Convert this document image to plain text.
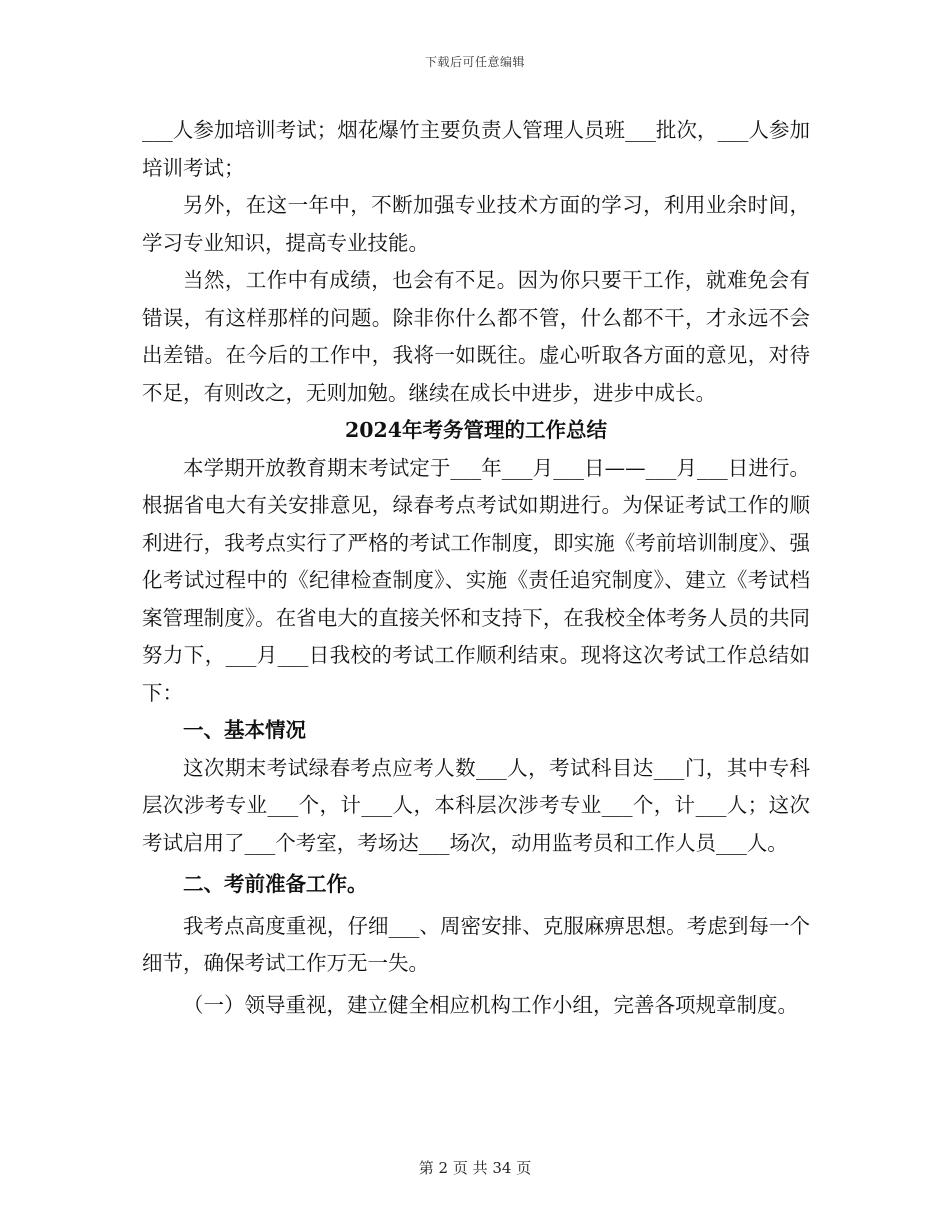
下载后可任意编辑

___人参加培训考试；烟花爆竹主要负责人管理人员班___批次，___人参加培训考试；

另外，在这一年中，不断加强专业技术方面的学习，利用业余时间，学习专业知识，提高专业技能。

当然，工作中有成绩，也会有不足。因为你只要干工作，就难免会有错误，有这样那样的问题。除非你什么都不管，什么都不干，才永远不会出差错。在今后的工作中，我将一如既往。虚心听取各方面的意见，对待不足，有则改之，无则加勉。继续在成长中进步，进步中成长。

2024年考务管理的工作总结

本学期开放教育期末考试定于___年___月___日——___月___日进行。根据省电大有关安排意见，绿春考点考试如期进行。为保证考试工作的顺利进行，我考点实行了严格的考试工作制度，即实施《考前培训制度》、强化考试过程中的《纪律检查制度》、实施《责任追究制度》、建立《考试档案管理制度》。在省电大的直接关怀和支持下，在我校全体考务人员的共同努力下，___月___日我校的考试工作顺利结束。现将这次考试工作总结如下：

一、基本情况

这次期末考试绿春考点应考人数___人，考试科目达___门，其中专科层次涉考专业___个，计___人，本科层次涉考专业___个，计___人；这次考试启用了___个考室，考场达___场次，动用监考员和工作人员___人。

二、考前准备工作。

我考点高度重视，仔细___、周密安排、克服麻痹思想。考虑到每一个细节，确保考试工作万无一失。

（一）领导重视，建立健全相应机构工作小组，完善各项规章制度。

第 2 页 共 34 页
